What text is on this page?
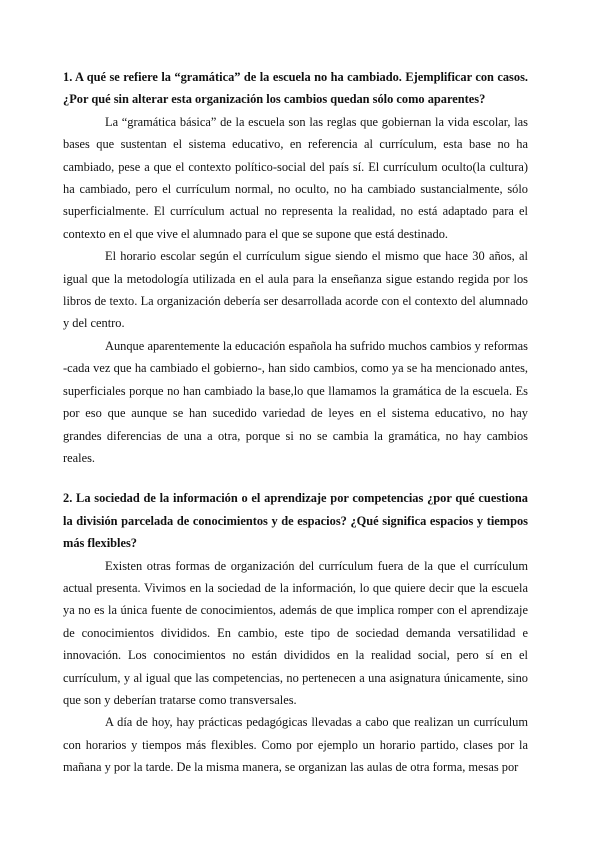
1. A qué se refiere la “gramática” de la escuela no ha cambiado. Ejemplificar con casos. ¿Por qué sin alterar esta organización los cambios quedan sólo como aparentes?

La “gramática básica” de la escuela son las reglas que gobiernan la vida escolar, las bases que sustentan el sistema educativo, en referencia al currículum, esta base no ha cambiado, pese a que el contexto político-social del país sí. El currículum oculto(la cultura) ha cambiado, pero el currículum normal, no oculto, no ha cambiado sustancialmente, sólo superficialmente. El currículum actual no representa la realidad, no está adaptado para el contexto en el que vive el alumnado para el que se supone que está destinado.

El horario escolar según el currículum sigue siendo el mismo que hace 30 años, al igual que la metodología utilizada en el aula para la enseñanza sigue estando regida por los libros de texto. La organización debería ser desarrollada acorde con el contexto del alumnado y del centro.

Aunque aparentemente la educación española ha sufrido muchos cambios y reformas -cada vez que ha cambiado el gobierno-, han sido cambios, como ya se ha mencionado antes, superficiales porque no han cambiado la base,lo que llamamos la gramática de la escuela. Es por eso que aunque se han sucedido variedad de leyes en el sistema educativo, no hay grandes diferencias de una a otra, porque si no se cambia la gramática, no hay cambios reales.

2. La sociedad de la información o el aprendizaje por competencias ¿por qué cuestiona la división parcelada de conocimientos y de espacios? ¿Qué significa espacios y tiempos más flexibles?

Existen otras formas de organización del currículum fuera de la que el currículum actual presenta. Vivimos en la sociedad de la información, lo que quiere decir que la escuela ya no es la única fuente de conocimientos, además de que implica romper con el aprendizaje de conocimientos divididos. En cambio, este tipo de sociedad demanda versatilidad e innovación. Los conocimientos no están divididos en la realidad social, pero sí en el currículum, y al igual que las competencias, no pertenecen a una asignatura únicamente, sino que son y deberían tratarse como transversales.

A día de hoy, hay prácticas pedagógicas llevadas a cabo que realizan un currículum con horarios y tiempos más flexibles. Como por ejemplo un horario partido, clases por la mañana y por la tarde. De la misma manera, se organizan las aulas de otra forma, mesas por
